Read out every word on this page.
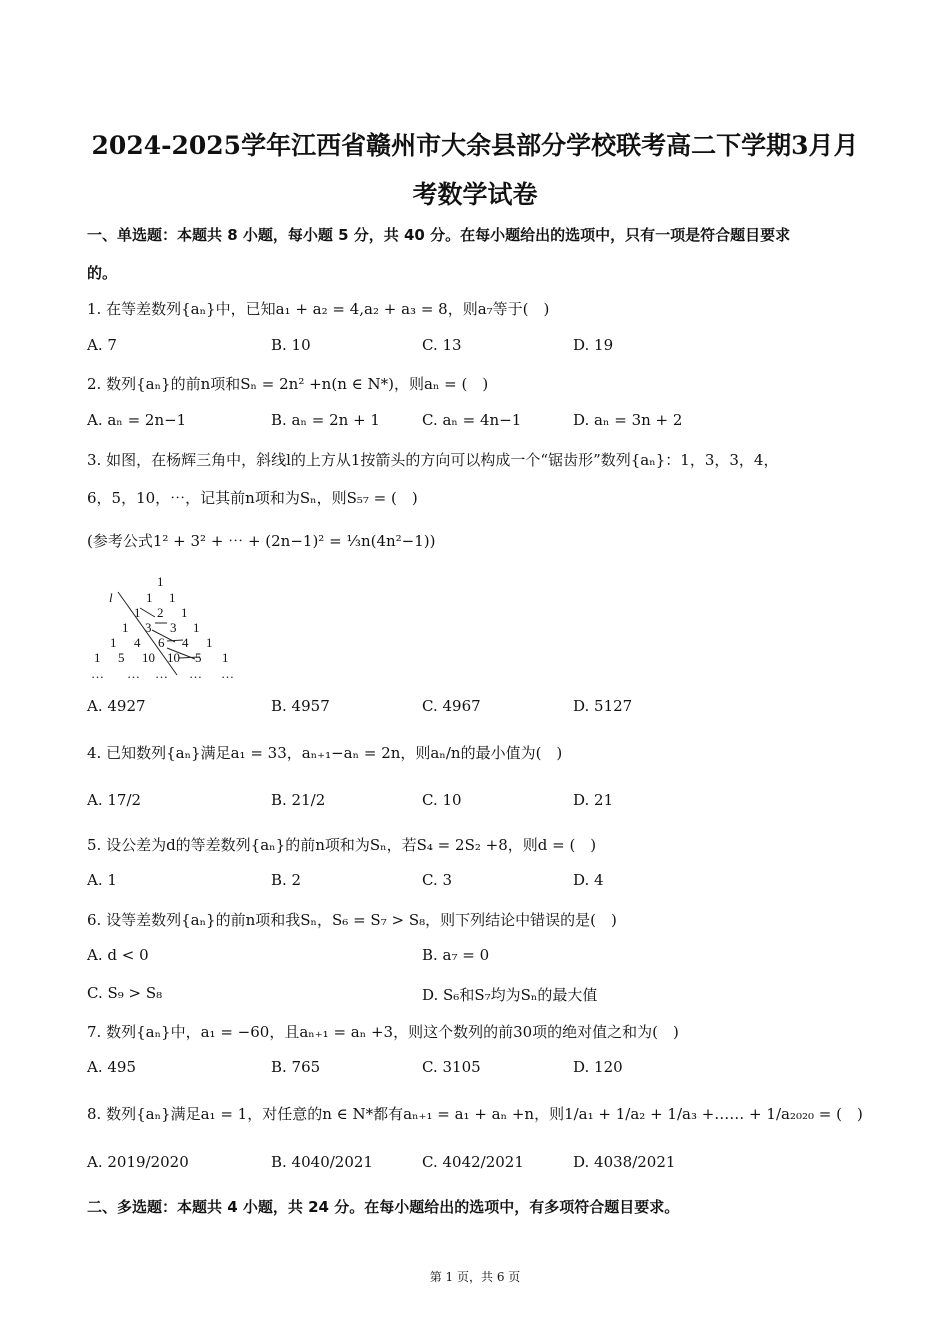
2024-2025学年江西省赣州市大余县部分学校联考高二下学期3月月
考数学试卷
一、单选题：本题共 8 小题，每小题 5 分，共 40 分。在每小题给出的选项中，只有一项是符合题目要求
的。
1. 在等差数列{aₙ}中，已知a₁ + a₂ = 4,a₂ + a₃ = 8，则a₇等于(　)
A. 7	B. 10	C. 13	D. 19
2. 数列{aₙ}的前n项和Sₙ = 2n² +n(n ∈ N*)，则aₙ = (　)
A. aₙ = 2n−1	B. aₙ = 2n + 1	C. aₙ = 4n−1	D. aₙ = 3n + 2
3. 如图，在杨辉三角中，斜线l的上方从1按箭头的方向可以构成一个“锯齿形”数列{aₙ}：1，3，3，4，
6，5，10，⋯，记其前n项和为Sₙ，则S₅₇ = (　)
(参考公式1² + 3² + ⋯ + (2n−1)² = ⅓n(4n²−1))
l
1
1 1
1 2 1
1 3 3 1
1 4 6 4 1
1 5 10 10 5 1
… … … … …
A. 4927	B. 4957	C. 4967	D. 5127
4. 已知数列{aₙ}满足a₁ = 33，aₙ₊₁−aₙ = 2n，则aₙ/n的最小值为(　)
A. 17/2	B. 21/2	C. 10	D. 21
5. 设公差为d的等差数列{aₙ}的前n项和为Sₙ，若S₄ = 2S₂ +8，则d = (　)
A. 1	B. 2	C. 3	D. 4
6. 设等差数列{aₙ}的前n项和我Sₙ，S₆ = S₇ > S₈，则下列结论中错误的是(　)
A. d < 0	B. a₇ = 0
C. S₉ > S₈	D. S₆和S₇均为Sₙ的最大值
7. 数列{aₙ}中，a₁ = −60，且aₙ₊₁ = aₙ +3，则这个数列的前30项的绝对值之和为(　)
A. 495	B. 765	C. 3105	D. 120
8. 数列{aₙ}满足a₁ = 1，对任意的n ∈ N*都有aₙ₊₁ = a₁ + aₙ +n，则1/a₁ + 1/a₂ + 1/a₃ +…… + 1/a₂₀₂₀ = (　)
A. 2019/2020	B. 4040/2021	C. 4042/2021	D. 4038/2021
二、多选题：本题共 4 小题，共 24 分。在每小题给出的选项中，有多项符合题目要求。
第 1 页，共 6 页
